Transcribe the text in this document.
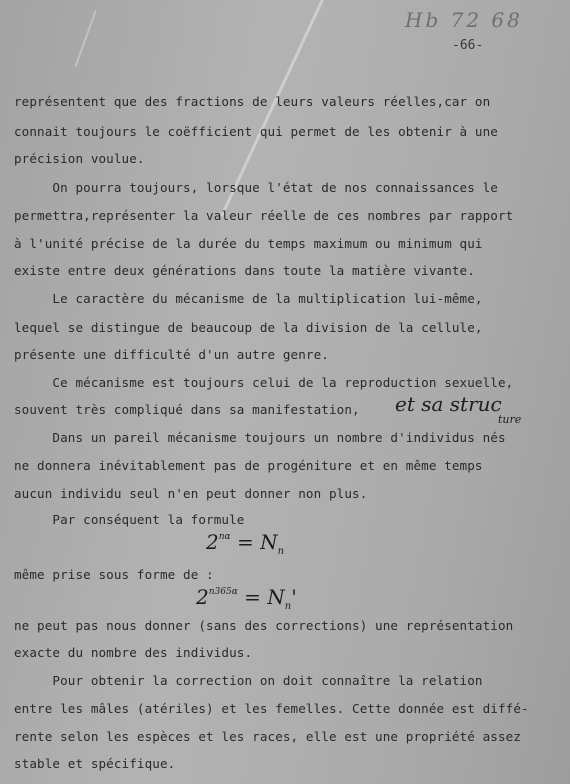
Hb 72 68
-66-
représentent que des fractions de leurs valeurs réelles,car on
connait toujours le coëfficient qui permet de les obtenir à une
précision voulue.
On pourra toujours, lorsque l'état de nos connaissances le
permettra,représenter la valeur réelle de ces nombres par rapport
à l'unité précise de la durée du temps maximum ou minimum qui
existe entre deux générations dans toute la matière vivante.
Le caractère du mécanisme de la multiplication lui-même,
lequel se distingue de beaucoup de la division de la cellule,
présente une difficulté d'un autre genre.
Ce mécanisme est toujours celui de la reproduction sexuelle,
souvent très compliqué dans sa manifestation, et sa struc
ture
Dans un pareil mécanisme toujours un nombre d'individus nés
ne donnera inévitablement pas de progéniture et en même temps
aucun individu seul n'en peut donner non plus.
Par conséquent la formule
$2^{n\alpha} = N_n$
même prise sous forme de :
$2^{n365\alpha} = N_n'$
ne peut pas nous donner (sans des corrections) une représentation
exacte du nombre des individus.
Pour obtenir la correction on doit connaître la relation
entre les mâles (atériles) et les femelles. Cette donnée est diffé-
rente selon les espèces et les races, elle est une propriété assez
stable et spécifique.
